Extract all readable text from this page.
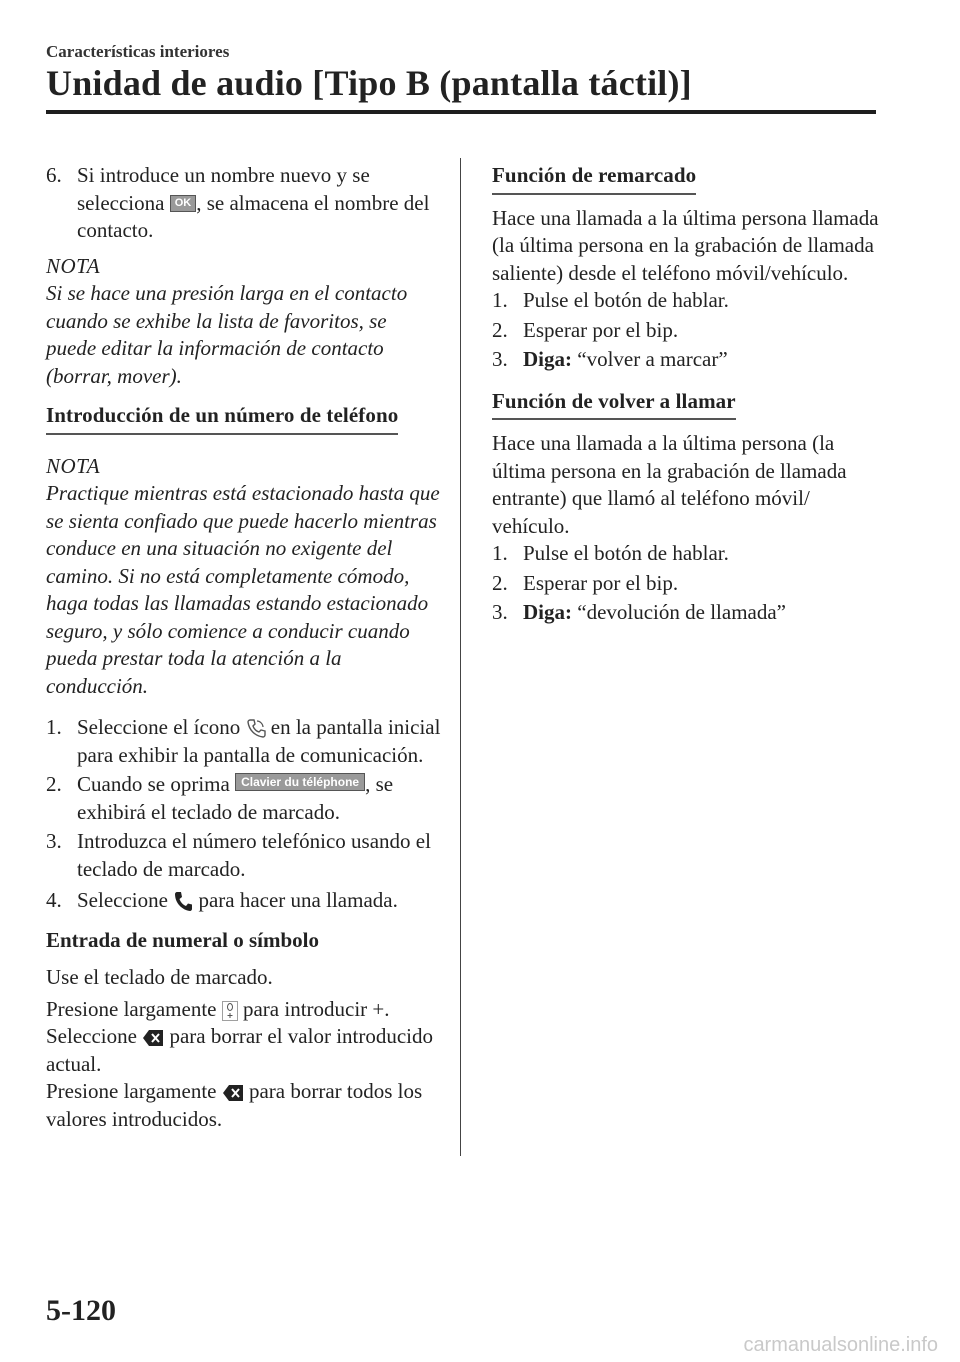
Características interiores
Unidad de audio [Tipo B (pantalla táctil)]
6. Si introduce un nombre nuevo y se selecciona OK , se almacena el nombre del contacto.
NOTA
Si se hace una presión larga en el contacto cuando se exhibe la lista de favoritos, se puede editar la información de contacto (borrar, mover).
Introducción de un número de teléfono
NOTA
Practique mientras está estacionado hasta que se sienta confiado que puede hacerlo mientras conduce en una situación no exigente del camino. Si no está completamente cómodo, haga todas las llamadas estando estacionado seguro, y sólo comience a conducir cuando pueda prestar toda la atención a la conducción.
1. Seleccione el ícono  en la pantalla inicial para exhibir la pantalla de comunicación.
2. Cuando se oprima Clavier du téléphone , se exhibirá el teclado de marcado.
3. Introduzca el número telefónico usando el teclado de marcado.
4. Seleccione  para hacer una llamada.
Entrada de numeral o símbolo
Use el teclado de marcado.
Presione largamente  para introducir +.
Seleccione  para borrar el valor introducido actual.
Presione largamente  para borrar todos los valores introducidos.
Función de remarcado
Hace una llamada a la última persona llamada (la última persona en la grabación de llamada saliente) desde el teléfono móvil/vehículo.
1. Pulse el botón de hablar.
2. Esperar por el bip.
3. Diga: “volver a marcar”
Función de volver a llamar
Hace una llamada a la última persona (la última persona en la grabación de llamada entrante) que llamó al teléfono móvil/ vehículo.
1. Pulse el botón de hablar.
2. Esperar por el bip.
3. Diga: “devolución de llamada”
5-120
carmanualsonline.info
